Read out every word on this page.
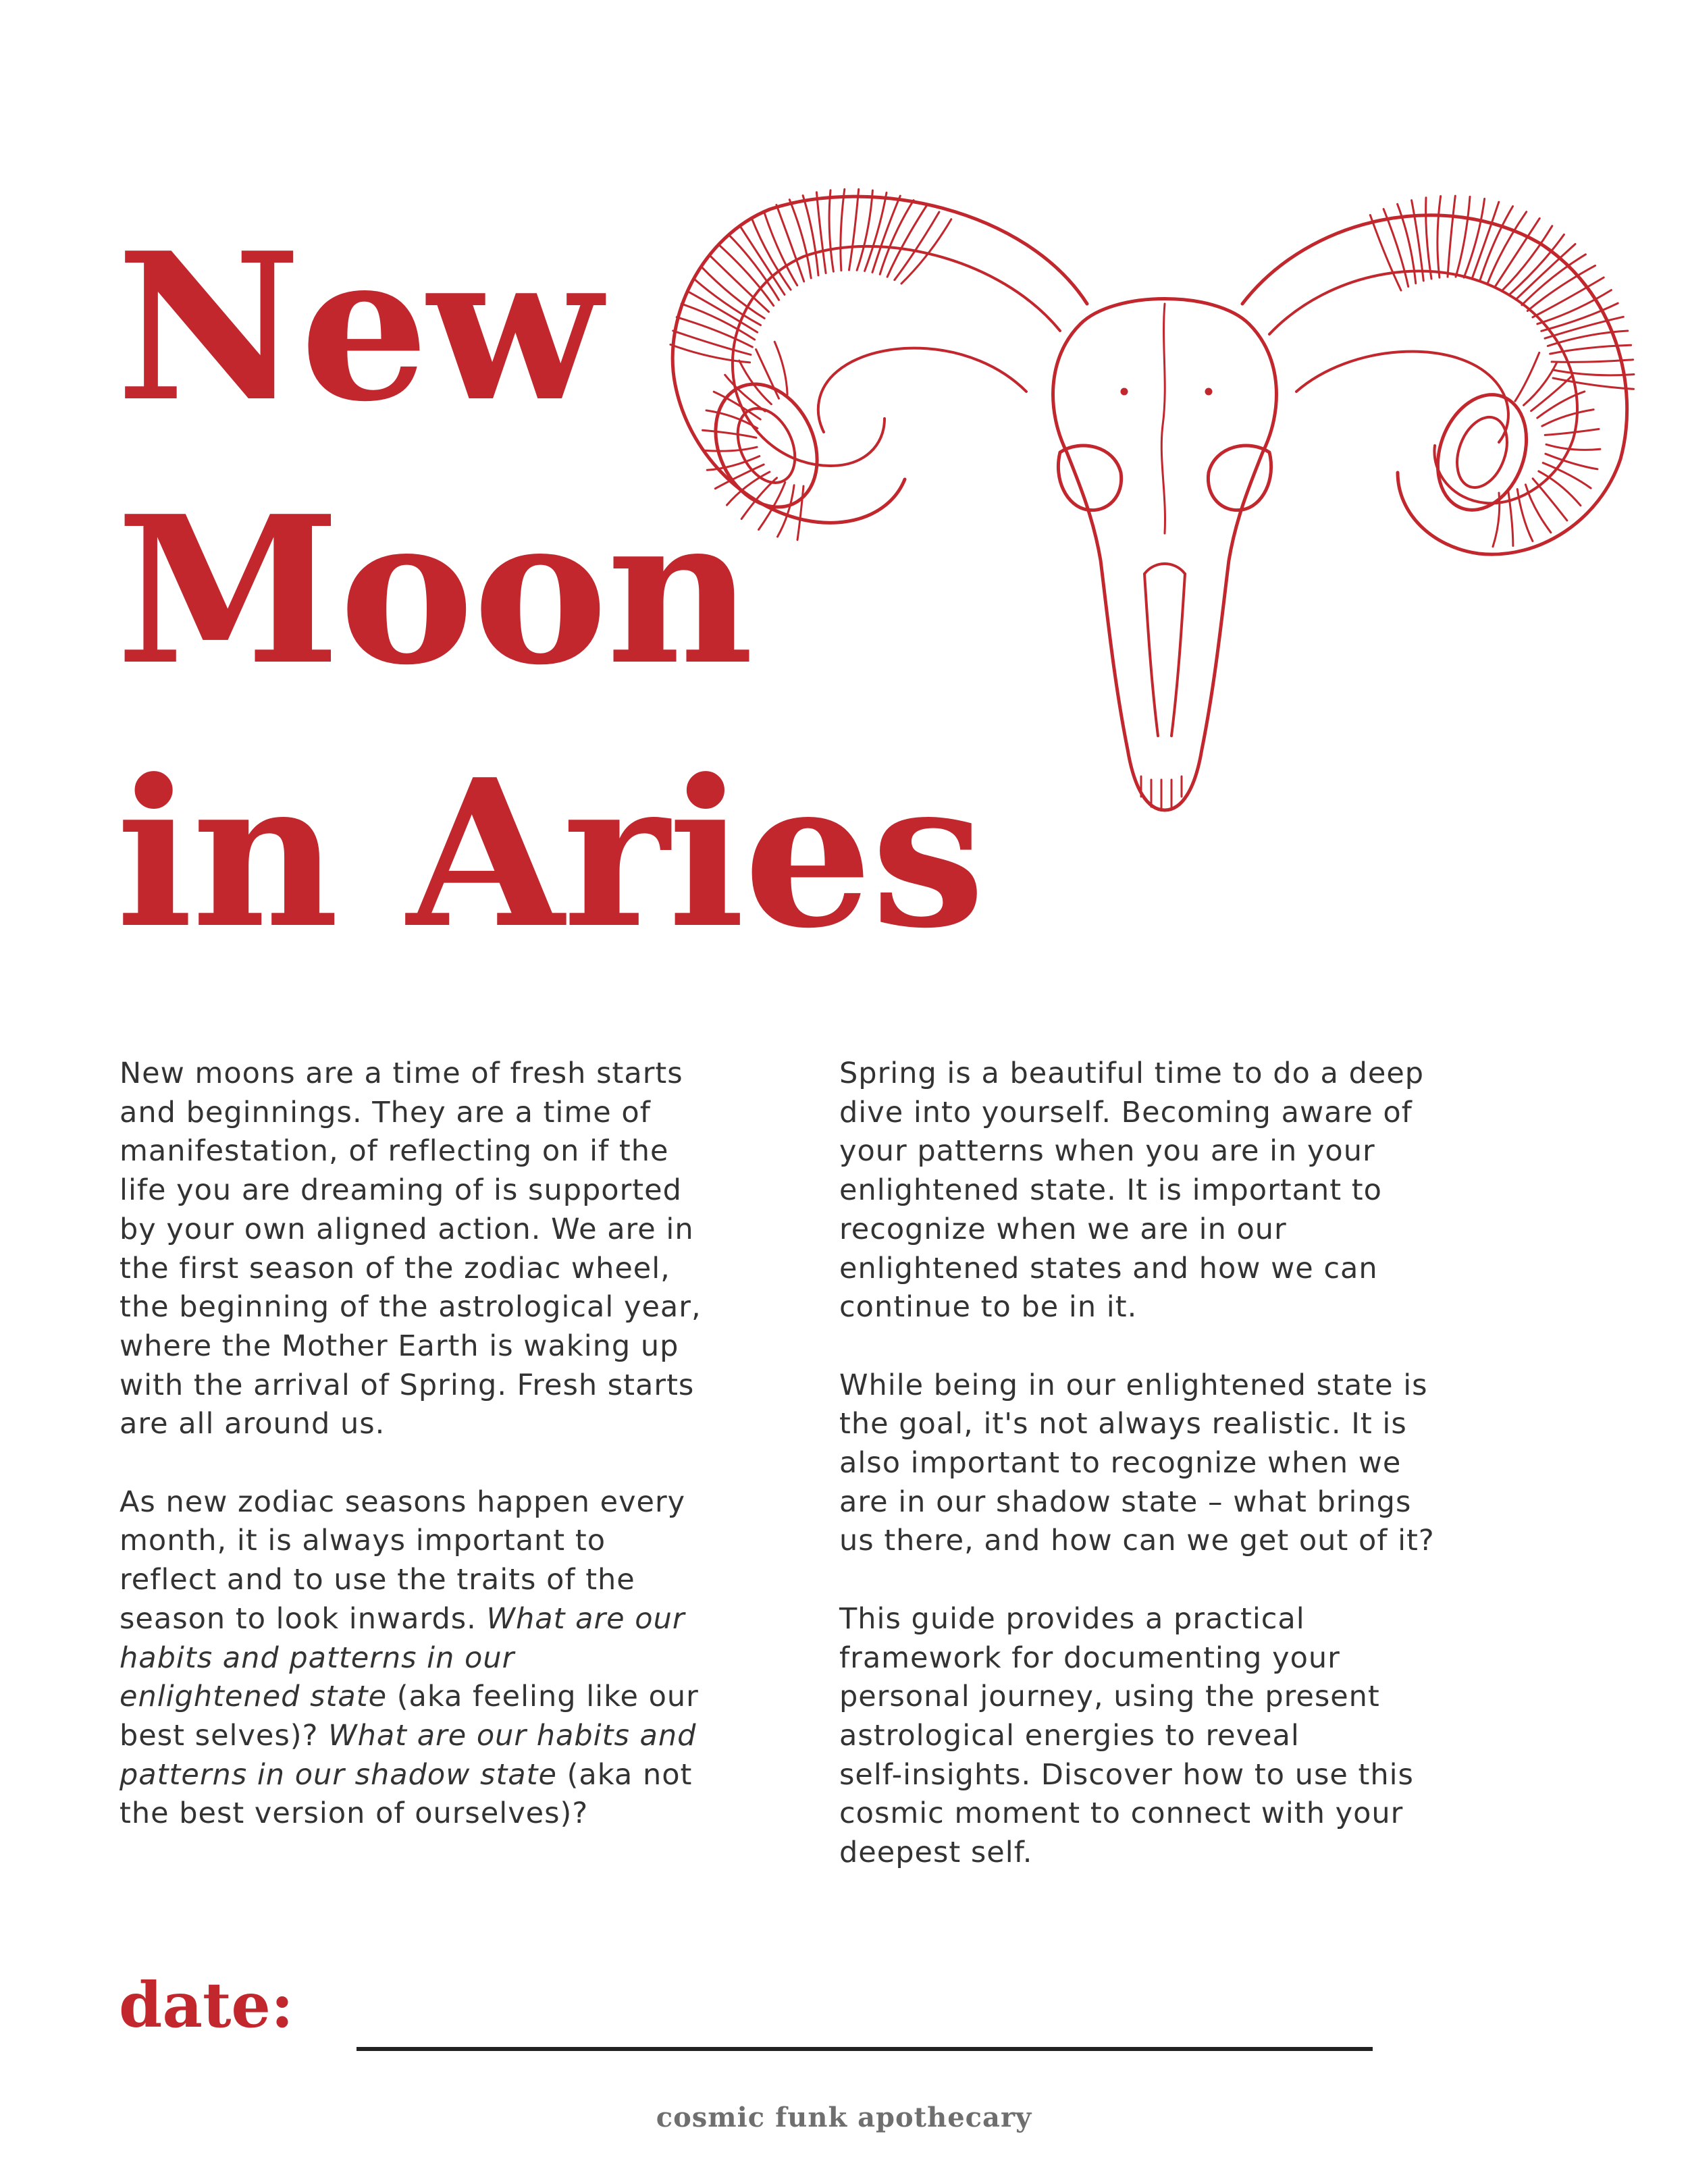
New
Moon
in Aries

New moons are a time of fresh starts
and beginnings. They are a time of
manifestation, of reflecting on if the
life you are dreaming of is supported
by your own aligned action. We are in
the first season of the zodiac wheel,
the beginning of the astrological year,
where the Mother Earth is waking up
with the arrival of Spring. Fresh starts
are all around us.

As new zodiac seasons happen every
month, it is always important to
reflect and to use the traits of the
season to look inwards. What are our
habits and patterns in our
enlightened state (aka feeling like our
best selves)? What are our habits and
patterns in our shadow state (aka not
the best version of ourselves)?

Spring is a beautiful time to do a deep
dive into yourself. Becoming aware of
your patterns when you are in your
enlightened state. It is important to
recognize when we are in our
enlightened states and how we can
continue to be in it.

While being in our enlightened state is
the goal, it's not always realistic. It is
also important to recognize when we
are in our shadow state – what brings
us there, and how can we get out of it?

This guide provides a practical
framework for documenting your
personal journey, using the present
astrological energies to reveal
self-insights. Discover how to use this
cosmic moment to connect with your
deepest self.

date:
cosmic funk apothecary
